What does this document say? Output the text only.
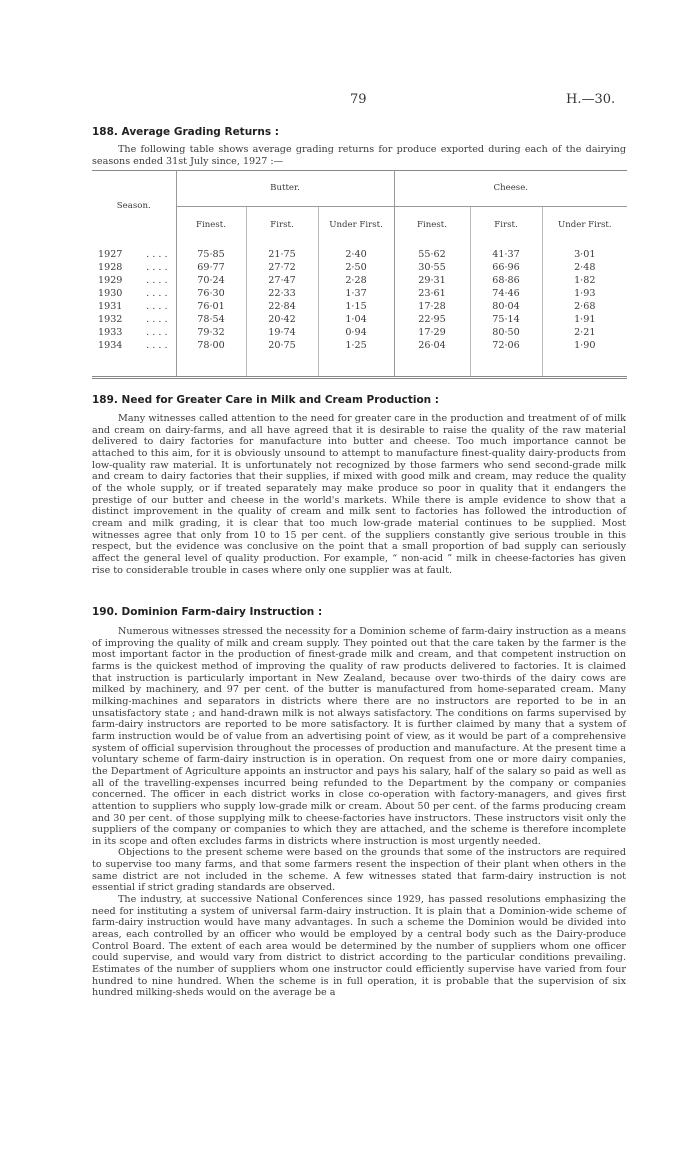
79	H.—30.
188. Average Grading Returns :

The following table shows average grading returns for produce exported during each of the dairying seasons ended 31st July since, 1927 :—

Season.		Butter.			Cheese.		
		Finest.	First.	Under First.	Finest.	First.	Under First.
1927	. . . .	75·85	21·75	2·40	55·62	41·37	3·01
1928	. . . .	69·77	27·72	2·50	30·55	66·96	2·48
1929	. . . .	70·24	27·47	2·28	29·31	68·86	1·82
1930	. . . .	76·30	22·33	1·37	23·61	74·46	1·93
1931	. . . .	76·01	22·84	1·15	17·28	80·04	2·68
1932	. . . .	78·54	20·42	1·04	22·95	75·14	1·91
1933	. . . .	79·32	19·74	0·94	17·29	80·50	2·21
1934	. . . .	78·00	20·75	1·25	26·04	72·06	1·90
189. Need for Greater Care in Milk and Cream Production :

Many witnesses called attention to the need for greater care in the production and treatment of of milk and cream on dairy-farms, and all have agreed that it is desirable to raise the quality of the raw material delivered to dairy factories for manufacture into butter and cheese. Too much importance cannot be attached to this aim, for it is obviously unsound to attempt to manufacture finest-quality dairy-products from low-quality raw material. It is unfortunately not recognized by those farmers who send second-grade milk and cream to dairy factories that their supplies, if mixed with good milk and cream, may reduce the quality of the whole supply, or if treated separately may make produce so poor in quality that it endangers the prestige of our butter and cheese in the world's markets. While there is ample evidence to show that a distinct improvement in the quality of cream and milk sent to factories has followed the introduction of cream and milk grading, it is clear that too much low-grade material continues to be supplied. Most witnesses agree that only from 10 to 15 per cent. of the suppliers constantly give serious trouble in this respect, but the evidence was conclusive on the point that a small proportion of bad supply can seriously affect the general level of quality production. For example, “ non-acid ” milk in cheese-factories has given rise to considerable trouble in cases where only one supplier was at fault.

190. Dominion Farm-dairy Instruction :

Numerous witnesses stressed the necessity for a Dominion scheme of farm-dairy instruction as a means of improving the quality of milk and cream supply. They pointed out that the care taken by the farmer is the most important factor in the production of finest-grade milk and cream, and that competent instruction on farms is the quickest method of improving the quality of raw products delivered to factories. It is claimed that instruction is particularly important in New Zealand, because over two-thirds of the dairy cows are milked by machinery, and 97 per cent. of the butter is manufactured from home-separated cream. Many milking-machines and separators in districts where there are no instructors are reported to be in an unsatisfactory state ; and hand-drawn milk is not always satisfactory. The conditions on farms supervised by farm-dairy instructors are reported to be more satisfactory. It is further claimed by many that a system of farm instruction would be of value from an advertising point of view, as it would be part of a comprehensive system of official supervision throughout the processes of production and manufacture. At the present time a voluntary scheme of farm-dairy instruction is in operation. On request from one or more dairy companies, the Department of Agriculture appoints an instructor and pays his salary, half of the salary so paid as well as all of the travelling-expenses incurred being refunded to the Department by the company or companies concerned. The officer in each district works in close co-operation with factory-managers, and gives first attention to suppliers who supply low-grade milk or cream. About 50 per cent. of the farms producing cream and 30 per cent. of those supplying milk to cheese-factories have instructors. These instructors visit only the suppliers of the company or companies to which they are attached, and the scheme is therefore incomplete in its scope and often excludes farms in districts where instruction is most urgently needed.

Objections to the present scheme were based on the grounds that some of the instructors are required to supervise too many farms, and that some farmers resent the inspection of their plant when others in the same district are not included in the scheme. A few witnesses stated that farm-dairy instruction is not essential if strict grading standards are observed.

The industry, at successive National Conferences since 1929, has passed resolutions emphasizing the need for instituting a system of universal farm-dairy instruction. It is plain that a Dominion-wide scheme of farm-dairy instruction would have many advantages. In such a scheme the Dominion would be divided into areas, each controlled by an officer who would be employed by a central body such as the Dairy-produce Control Board. The extent of each area would be determined by the number of suppliers whom one officer could supervise, and would vary from district to district according to the particular conditions prevailing. Estimates of the number of suppliers whom one instructor could efficiently supervise have varied from four hundred to nine hundred. When the scheme is in full operation, it is probable that the supervision of six hundred milking-sheds would on the average be a
